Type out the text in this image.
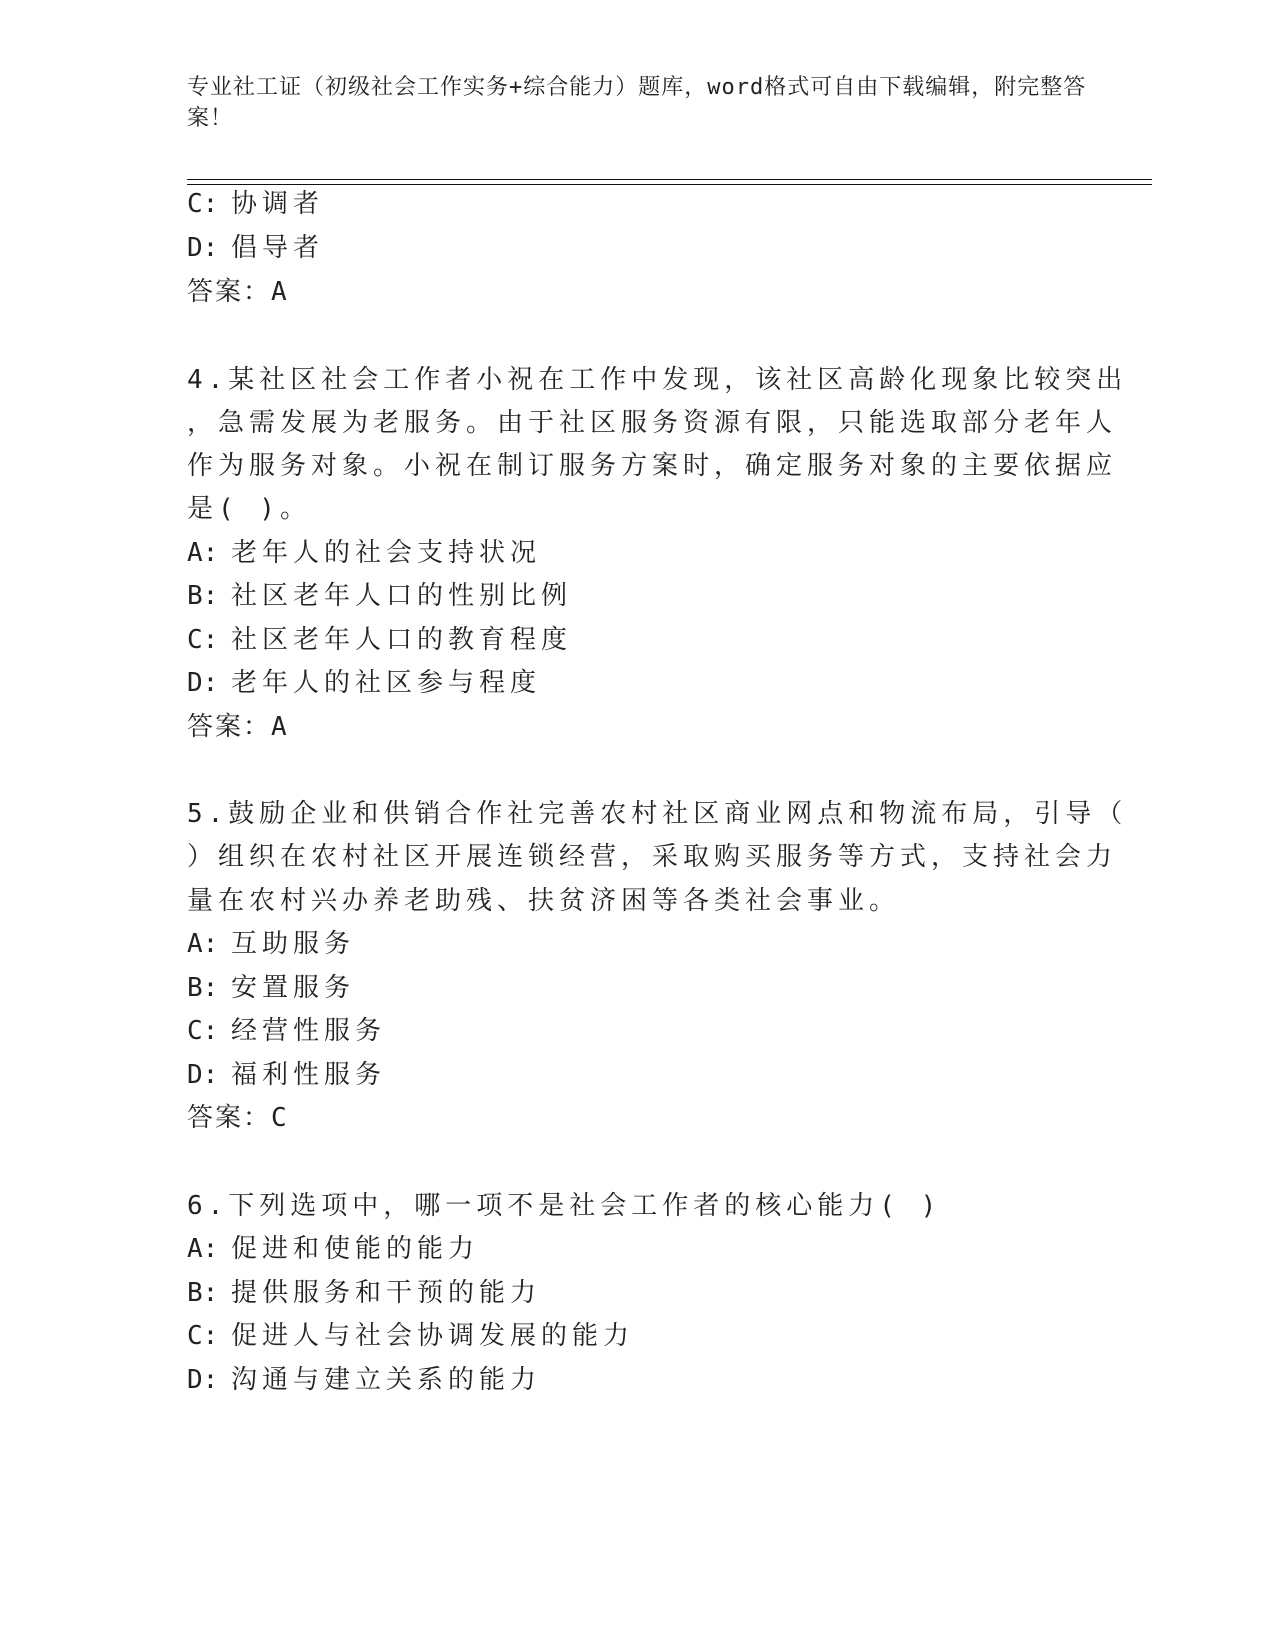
专业社工证（初级社会工作实务+综合能力）题库，word格式可自由下载编辑，附完整答案！
C: 协调者
D: 倡导者
答案：A
4.某社区社会工作者小祝在工作中发现，该社区高龄化现象比较突出
，急需发展为老服务。由于社区服务资源有限，只能选取部分老年人
作为服务对象。小祝在制订服务方案时，确定服务对象的主要依据应
是( )。
A: 老年人的社会支持状况
B: 社区老年人口的性别比例
C: 社区老年人口的教育程度
D: 老年人的社区参与程度
答案：A
5.鼓励企业和供销合作社完善农村社区商业网点和物流布局，引导（
）组织在农村社区开展连锁经营，采取购买服务等方式，支持社会力
量在农村兴办养老助残、扶贫济困等各类社会事业。
A: 互助服务
B: 安置服务
C: 经营性服务
D: 福利性服务
答案：C
6.下列选项中，哪一项不是社会工作者的核心能力( )
A: 促进和使能的能力
B: 提供服务和干预的能力
C: 促进人与社会协调发展的能力
D: 沟通与建立关系的能力
